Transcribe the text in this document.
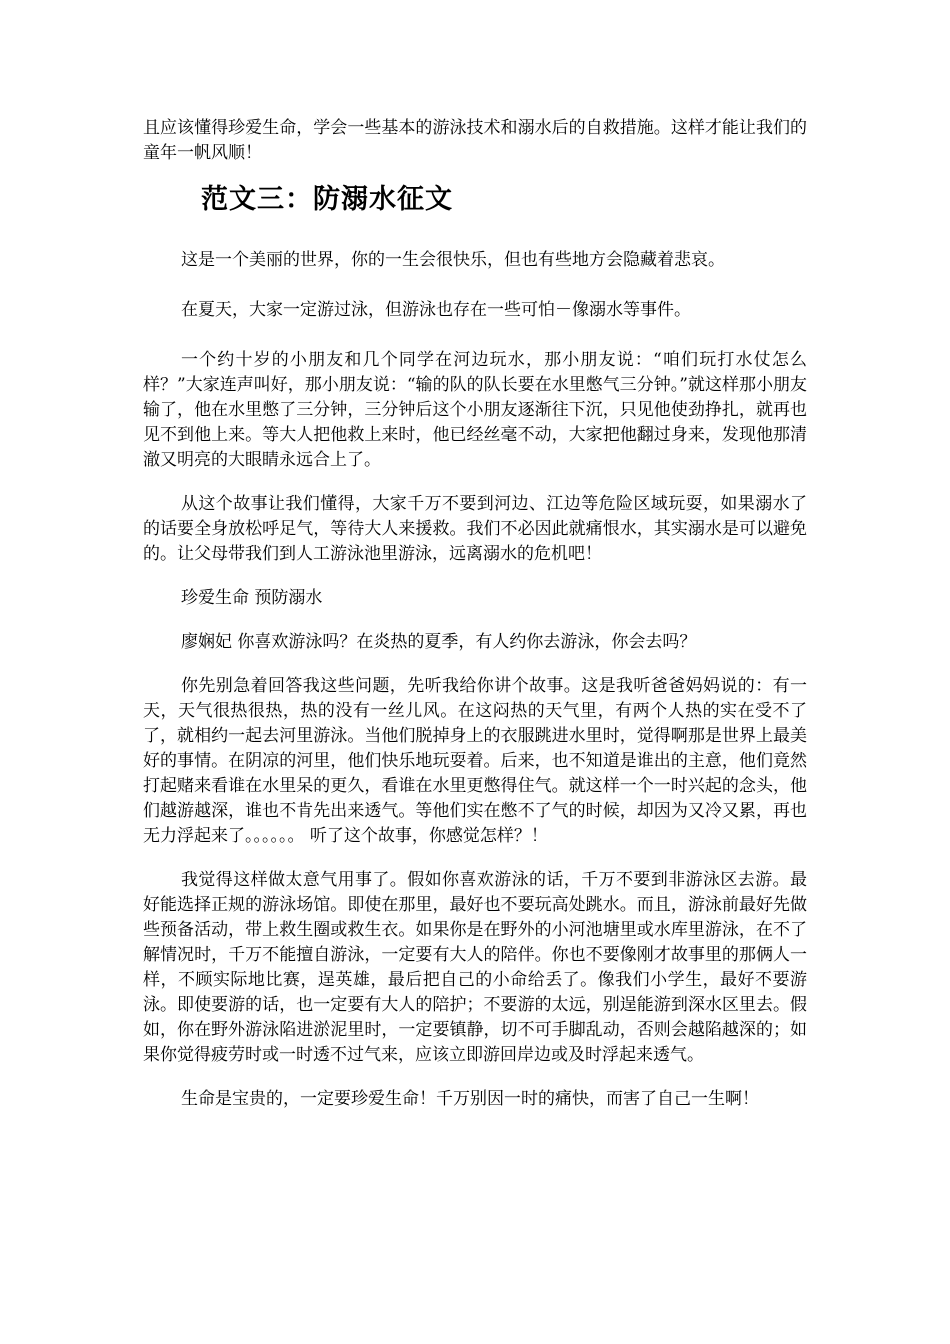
且应该懂得珍爱生命，学会一些基本的游泳技术和溺水后的自救措施。这样才能让我们的童年一帆风顺！

范文三：防溺水征文

这是一个美丽的世界，你的一生会很快乐，但也有些地方会隐藏着悲哀。

在夏天，大家一定游过泳，但游泳也存在一些可怕－像溺水等事件。

一个约十岁的小朋友和几个同学在河边玩水，那小朋友说：“咱们玩打水仗怎么样？”大家连声叫好，那小朋友说：“输的队的队长要在水里憋气三分钟。”就这样那小朋友输了，他在水里憋了三分钟，三分钟后这个小朋友逐渐往下沉，只见他使劲挣扎，就再也见不到他上来。等大人把他救上来时，他已经丝毫不动，大家把他翻过身来，发现他那清澈又明亮的大眼睛永远合上了。

从这个故事让我们懂得，大家千万不要到河边、江边等危险区域玩耍，如果溺水了的话要全身放松呼足气，等待大人来援救。我们不必因此就痛恨水，其实溺水是可以避免的。让父母带我们到人工游泳池里游泳，远离溺水的危机吧！

珍爱生命 预防溺水

廖娴妃 你喜欢游泳吗？在炎热的夏季，有人约你去游泳，你会去吗？

你先别急着回答我这些问题，先听我给你讲个故事。这是我听爸爸妈妈说的：有一天，天气很热很热，热的没有一丝儿风。在这闷热的天气里，有两个人热的实在受不了了，就相约一起去河里游泳。当他们脱掉身上的衣服跳进水里时，觉得啊那是世界上最美好的事情。在阴凉的河里，他们快乐地玩耍着。后来，也不知道是谁出的主意，他们竟然打起赌来看谁在水里呆的更久，看谁在水里更憋得住气。就这样一个一时兴起的念头，他们越游越深，谁也不肯先出来透气。等他们实在憋不了气的时候，却因为又冷又累，再也无力浮起来了。。。。。。 听了这个故事，你感觉怎样？！

我觉得这样做太意气用事了。假如你喜欢游泳的话，千万不要到非游泳区去游。最好能选择正规的游泳场馆。即使在那里，最好也不要玩高处跳水。而且，游泳前最好先做些预备活动，带上救生圈或救生衣。如果你是在野外的小河池塘里或水库里游泳，在不了解情况时，千万不能擅自游泳，一定要有大人的陪伴。你也不要像刚才故事里的那俩人一样，不顾实际地比赛，逞英雄，最后把自己的小命给丢了。像我们小学生，最好不要游泳。即使要游的话，也一定要有大人的陪护；不要游的太远，别逞能游到深水区里去。假如，你在野外游泳陷进淤泥里时，一定要镇静，切不可手脚乱动，否则会越陷越深的；如果你觉得疲劳时或一时透不过气来，应该立即游回岸边或及时浮起来透气。

生命是宝贵的，一定要珍爱生命！千万别因一时的痛快，而害了自己一生啊！
